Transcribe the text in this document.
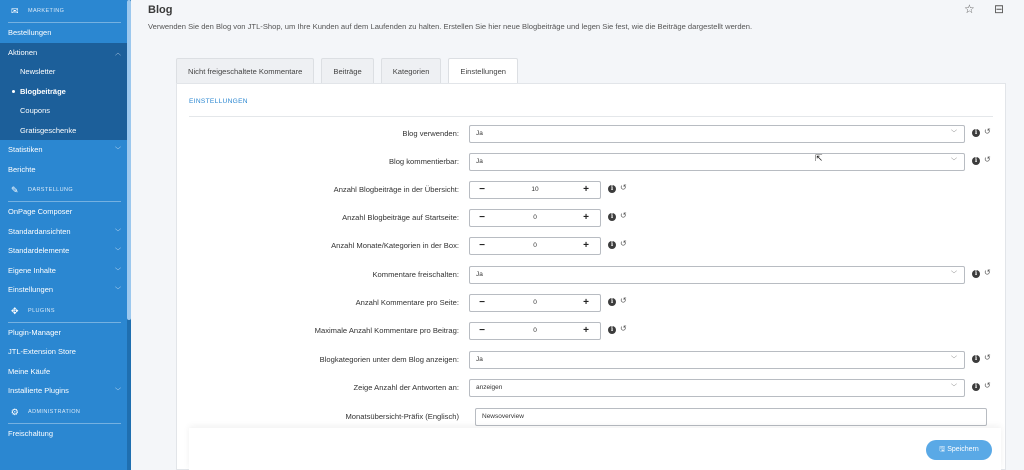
✉ MARKETING
Bestellungen
Aktionen	︿
Newsletter
Blogbeiträge
Coupons
Gratisgeschenke
Statistiken	﹀
Berichte
✎ DARSTELLUNG
OnPage Composer
Standardansichten	﹀
Standardelemente	﹀
Eigene Inhalte	﹀
Einstellungen	﹀
✥ PLUGINS
Plugin-Manager
JTL-Extension Store
Meine Käufe
Installierte Plugins	﹀
⚙ ADMINISTRATION
Freischaltung
Blog
Verwenden Sie den Blog von JTL-Shop, um Ihre Kunden auf dem Laufenden zu halten. Erstellen Sie hier neue Blogbeiträge und legen Sie fest, wie die Beiträge dargestellt werden.
☆ ⊟
Nicht freigeschaltete Kommentare	Beiträge	Kategorien	Einstellungen
EINSTELLUNGEN
Blog verwenden:	Ja	﹀	i ↺
Blog kommentierbar:	Ja	﹀	i ↺
Anzahl Blogbeiträge in der Übersicht:	−	10	+	i ↺
Anzahl Blogbeiträge auf Startseite:	−	0	+	i ↺
Anzahl Monate/Kategorien in der Box:	−	0	+	i ↺
Kommentare freischalten:	Ja	﹀	i ↺
Anzahl Kommentare pro Seite:	−	0	+	i ↺
Maximale Anzahl Kommentare pro Beitrag:	−	0	+	i ↺
Blogkategorien unter dem Blog anzeigen:	Ja	﹀	i ↺
Zeige Anzahl der Antworten an:	anzeigen	﹀	i ↺
Monatsübersicht-Präfix (Englisch)	Newsoverview
🖫 Speichern
⇱
